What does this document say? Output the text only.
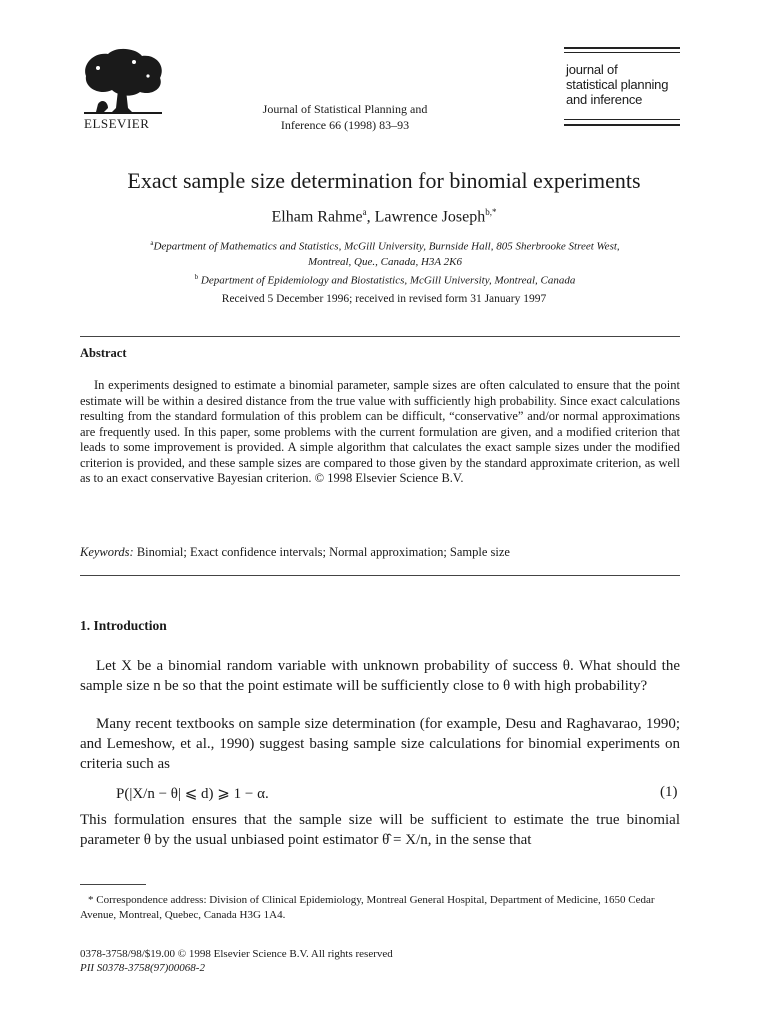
ELSEVIER
Journal of Statistical Planning and
Inference 66 (1998) 83–93
journal of
statistical planning
and inference
Exact sample size determination for binomial experiments
Elham Rahme$^a$, Lawrence Joseph$^{b,*}$
$^a$Department of Mathematics and Statistics, McGill University, Burnside Hall, 805 Sherbrooke Street West,
Montreal, Que., Canada, H3A 2K6
$^b$ Department of Epidemiology and Biostatistics, McGill University, Montreal, Canada
Received 5 December 1996; received in revised form 31 January 1997
Abstract
In experiments designed to estimate a binomial parameter, sample sizes are often calculated to ensure that the point estimate will be within a desired distance from the true value with sufficiently high probability. Since exact calculations resulting from the standard formulation of this problem can be difficult, “conservative” and/or normal approximations are frequently used. In this paper, some problems with the current formulation are given, and a modified criterion that leads to some improvement is provided. A simple algorithm that calculates the exact sample sizes under the modified criterion is provided, and these sample sizes are compared to those given by the standard approximate criterion, as well as to an exact conservative Bayesian criterion. © 1998 Elsevier Science B.V.
Keywords: Binomial; Exact confidence intervals; Normal approximation; Sample size
1. Introduction
Let X be a binomial random variable with unknown probability of success θ. What should the sample size n be so that the point estimate will be sufficiently close to θ with high probability?
Many recent textbooks on sample size determination (for example, Desu and Raghavarao, 1990; and Lemeshow, et al., 1990) suggest basing sample size calculations for binomial experiments on criteria such as
P(|X/n − θ| ⩽ d) ⩾ 1 − α.	(1)
This formulation ensures that the sample size will be sufficient to estimate the true binomial parameter θ by the usual unbiased point estimator θ̂ = X/n, in the sense that
* Correspondence address: Division of Clinical Epidemiology, Montreal General Hospital, Department of Medicine, 1650 Cedar Avenue, Montreal, Quebec, Canada H3G 1A4.
0378-3758/98/$19.00 © 1998 Elsevier Science B.V. All rights reserved
PII S0378-3758(97)00068-2
